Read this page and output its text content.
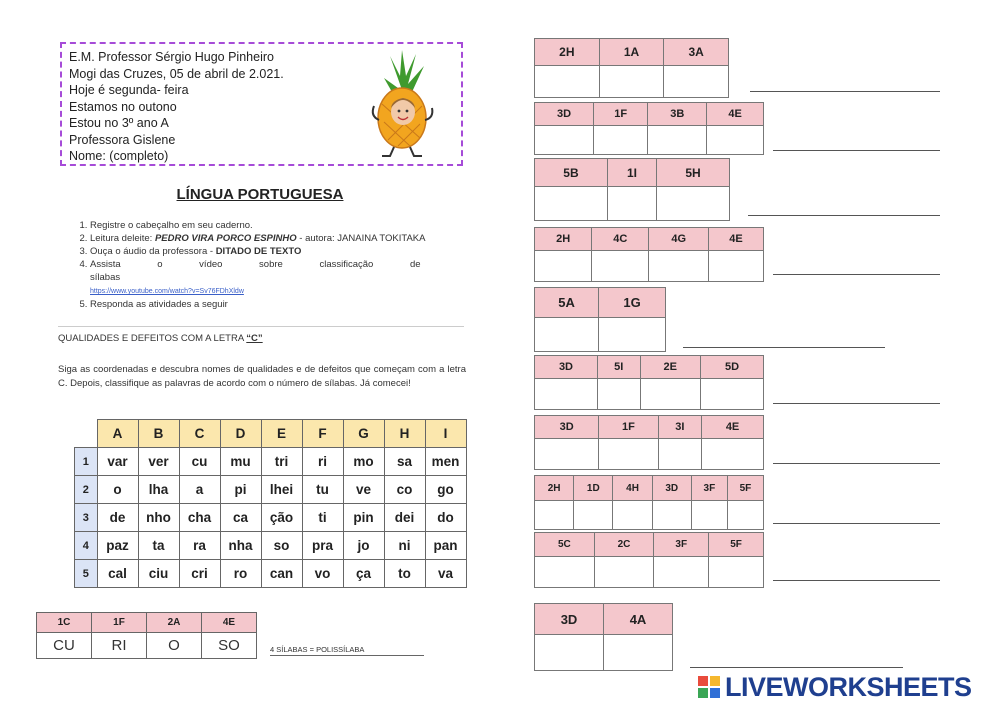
E.M. Professor Sérgio Hugo Pinheiro
Mogi das Cruzes, 05 de abril de 2.021.
Hoje é segunda- feira
Estamos no outono
Estou no 3º ano A
Professora Gislene
Nome: (completo)
LÍNGUA PORTUGUESA
1. Registre o cabeçalho em seu caderno.
2. Leitura deleite: PEDRO VIRA PORCO ESPINHO - autora: JANAINA TOKITAKA
3. Ouça o áudio da professora - DITADO DE TEXTO
4. Assista o vídeo sobre classificação de sílabas
https://www.youtube.com/watch?v=Sv76FDhXldw
5. Responda as atividades a seguir
QUALIDADES E DEFEITOS COM A LETRA “C”
Siga as coordenadas e descubra nomes de qualidades e de defeitos que começam com a letra C. Depois, classifique as palavras de acordo com o número de sílabas. Já comecei!
	A	B	C	D	E	F	G	H	I
1	var	ver	cu	mu	tri	ri	mo	sa	men
2	o	lha	a	pi	lhei	tu	ve	co	go
3	de	nho	cha	ca	ção	ti	pin	dei	do
4	paz	ta	ra	nha	so	pra	jo	ni	pan
5	cal	ciu	cri	ro	can	vo	ça	to	va
1C	1F	2A	4E
CU	RI	O	SO	4 SÍLABAS = POLISSÍLABA
2H	1A	3A

3D	1F	3B	4E

5B	1I	5H

2H	4C	4G	4E

5A	1G

3D	5I	2E	5D

3D	1F	3I	4E

2H	1D	4H	3D	3F	5F

5C	2C	3F	5F

3D	4A

LIVEWORKSHEETS
